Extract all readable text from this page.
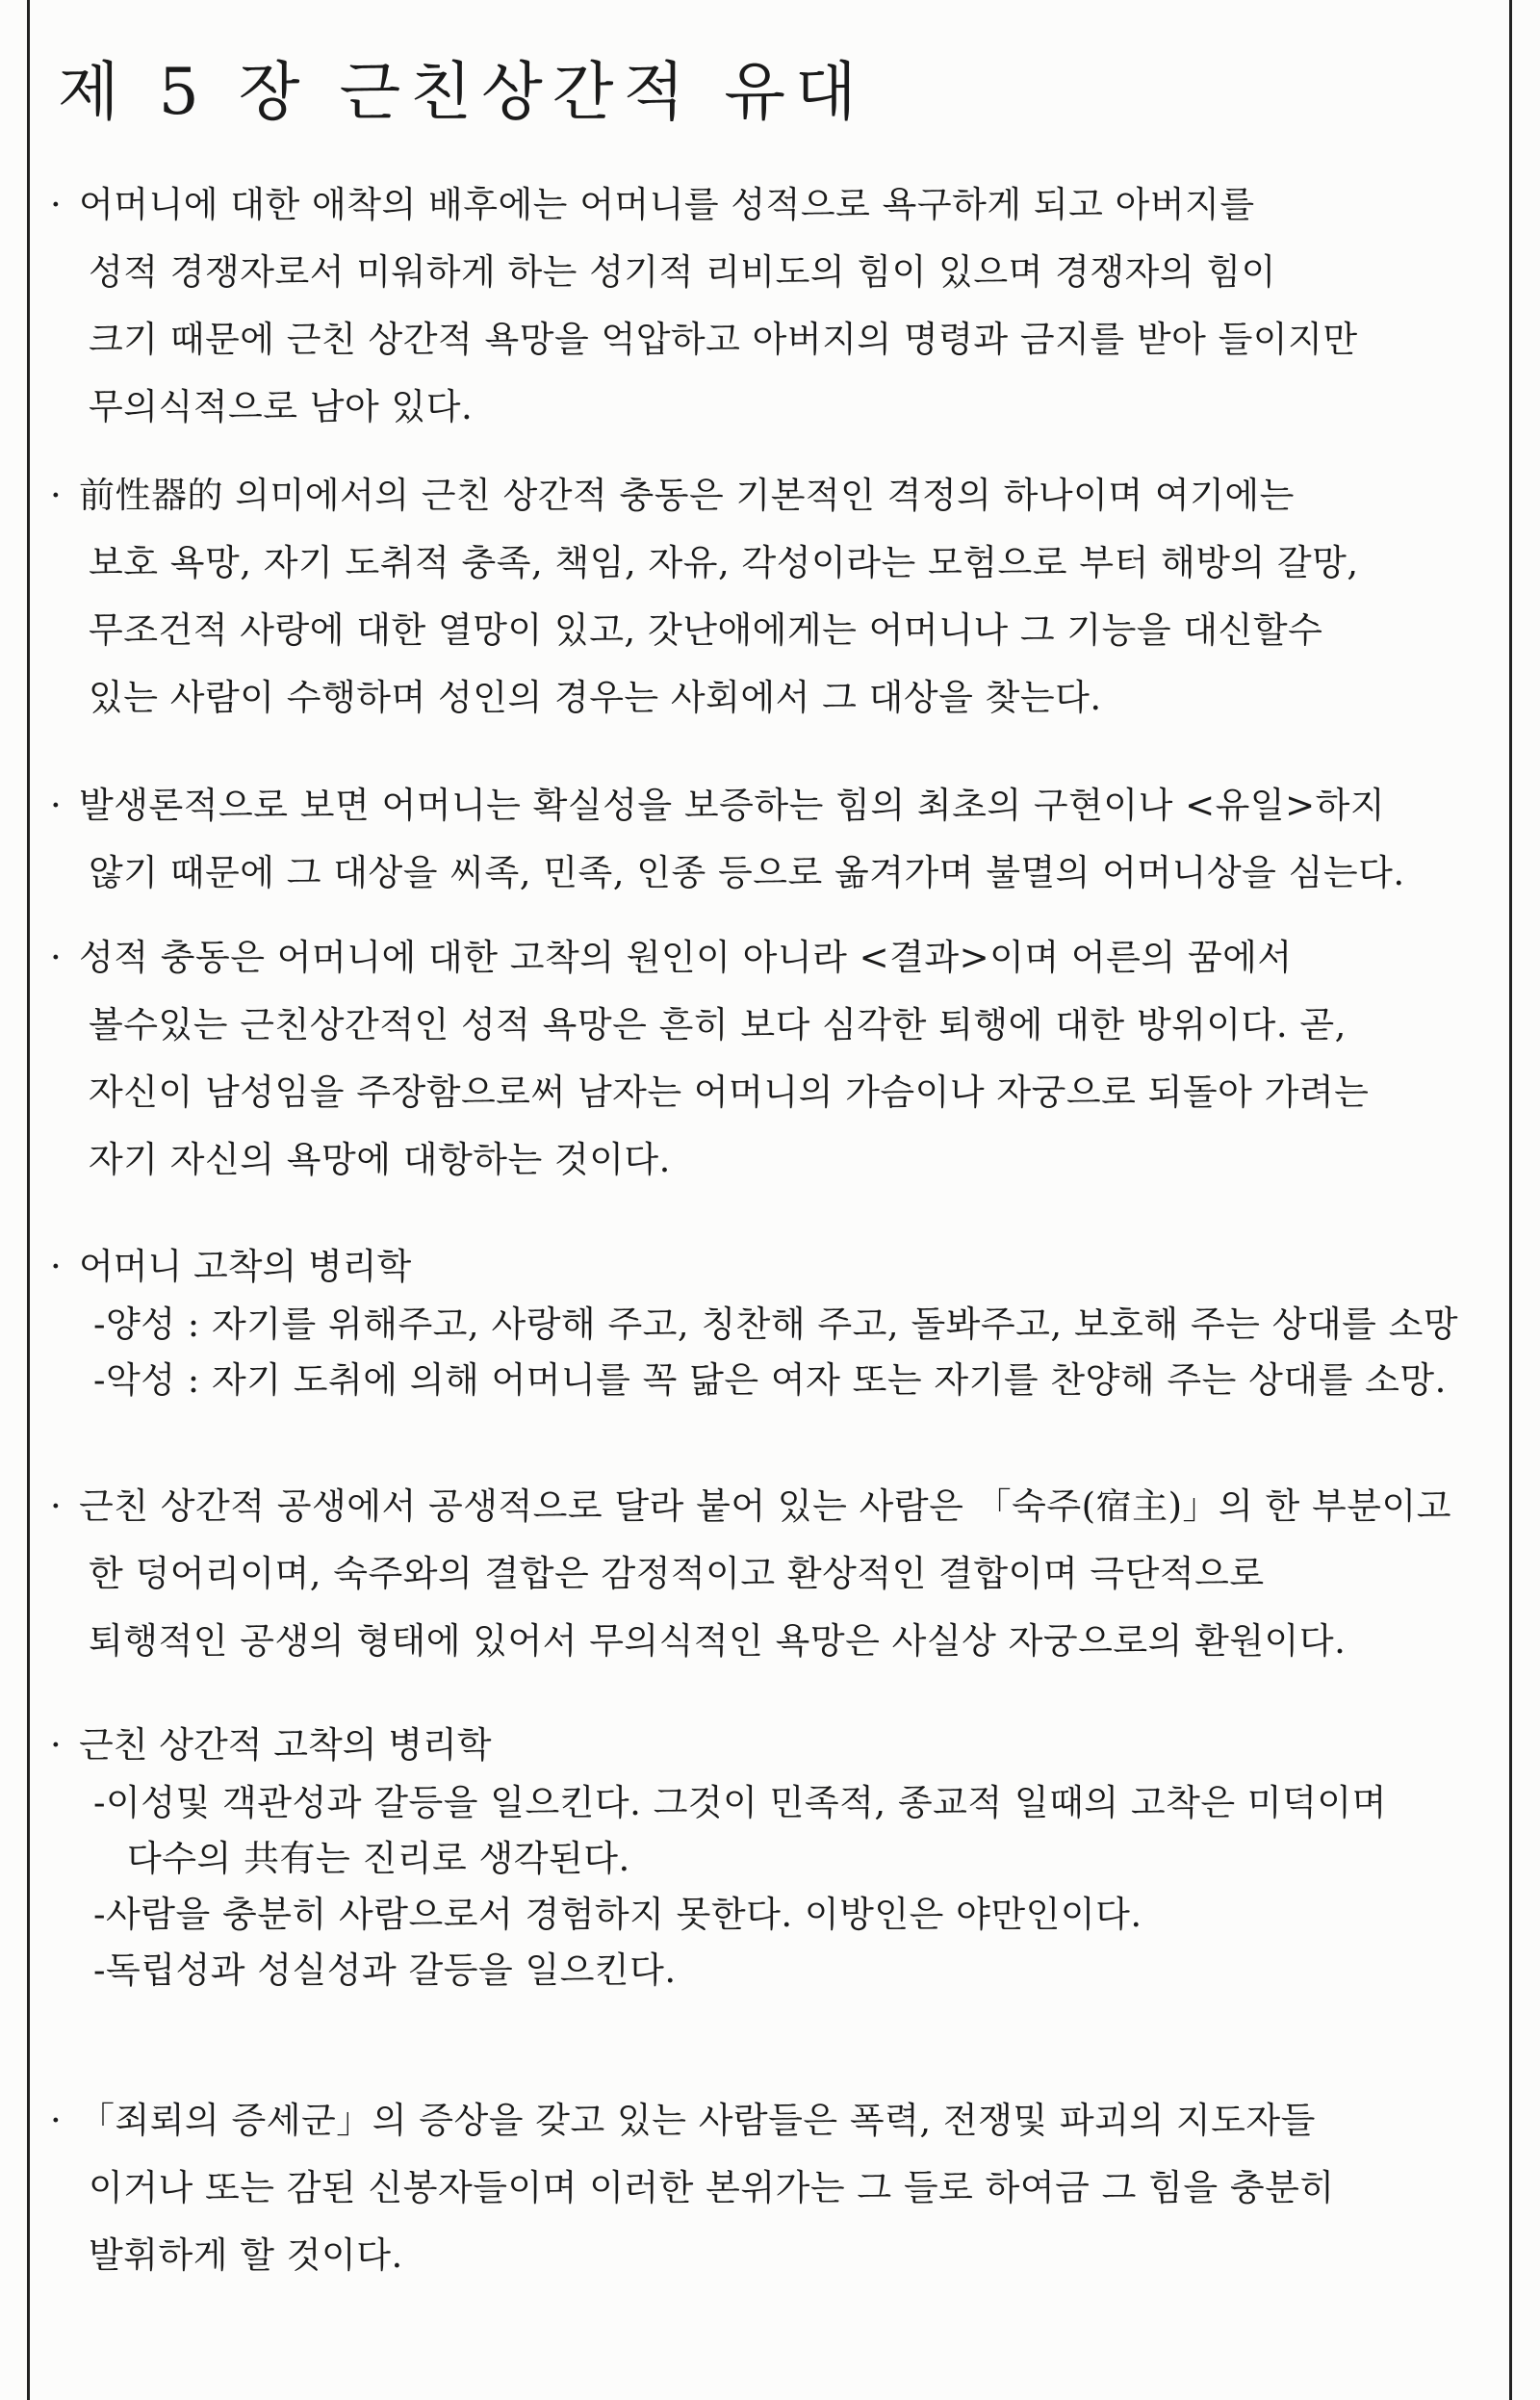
제 5 장 근친상간적 유대
· 어머니에 대한 애착의 배후에는 어머니를 성적으로 욕구하게 되고 아버지를
성적 경쟁자로서 미워하게 하는 성기적 리비도의 힘이 있으며 경쟁자의 힘이
크기 때문에 근친 상간적 욕망을 억압하고 아버지의 명령과 금지를 받아 들이지만
무의식적으로 남아 있다.
· 前性器的 의미에서의 근친 상간적 충동은 기본적인 격정의 하나이며 여기에는
보호 욕망, 자기 도취적 충족, 책임, 자유, 각성이라는 모험으로 부터 해방의 갈망,
무조건적 사랑에 대한 열망이 있고, 갓난애에게는 어머니나 그 기능을 대신할수
있는 사람이 수행하며 성인의 경우는 사회에서 그 대상을 찾는다.
· 발생론적으로 보면 어머니는 확실성을 보증하는 힘의 최초의 구현이나 <유일>하지
않기 때문에 그 대상을 씨족, 민족, 인종 등으로 옮겨가며 불멸의 어머니상을 심는다.
· 성적 충동은 어머니에 대한 고착의 원인이 아니라 <결과>이며 어른의 꿈에서
볼수있는 근친상간적인 성적 욕망은 흔히 보다 심각한 퇴행에 대한 방위이다. 곧,
자신이 남성임을 주장함으로써 남자는 어머니의 가슴이나 자궁으로 되돌아 가려는
자기 자신의 욕망에 대항하는 것이다.
· 어머니 고착의 병리학
-양성 : 자기를 위해주고, 사랑해 주고, 칭찬해 주고, 돌봐주고, 보호해 주는 상대를 소망
-악성 : 자기 도취에 의해 어머니를 꼭 닮은 여자 또는 자기를 찬양해 주는 상대를 소망.
· 근친 상간적 공생에서 공생적으로 달라 붙어 있는 사람은 「숙주(宿主)」의 한 부분이고
한 덩어리이며, 숙주와의 결합은 감정적이고 환상적인 결합이며 극단적으로
퇴행적인 공생의 형태에 있어서 무의식적인 욕망은 사실상 자궁으로의 환원이다.
· 근친 상간적 고착의 병리학
-이성및 객관성과 갈등을 일으킨다. 그것이 민족적, 종교적 일때의 고착은 미덕이며
다수의 共有는 진리로 생각된다.
-사람을 충분히 사람으로서 경험하지 못한다. 이방인은 야만인이다.
-독립성과 성실성과 갈등을 일으킨다.
· 「죄뢰의 증세군」의 증상을 갖고 있는 사람들은 폭력, 전쟁및 파괴의 지도자들
이거나 또는 감된 신봉자들이며 이러한 본위가는 그 들로 하여금 그 힘을 충분히
발휘하게 할 것이다.
